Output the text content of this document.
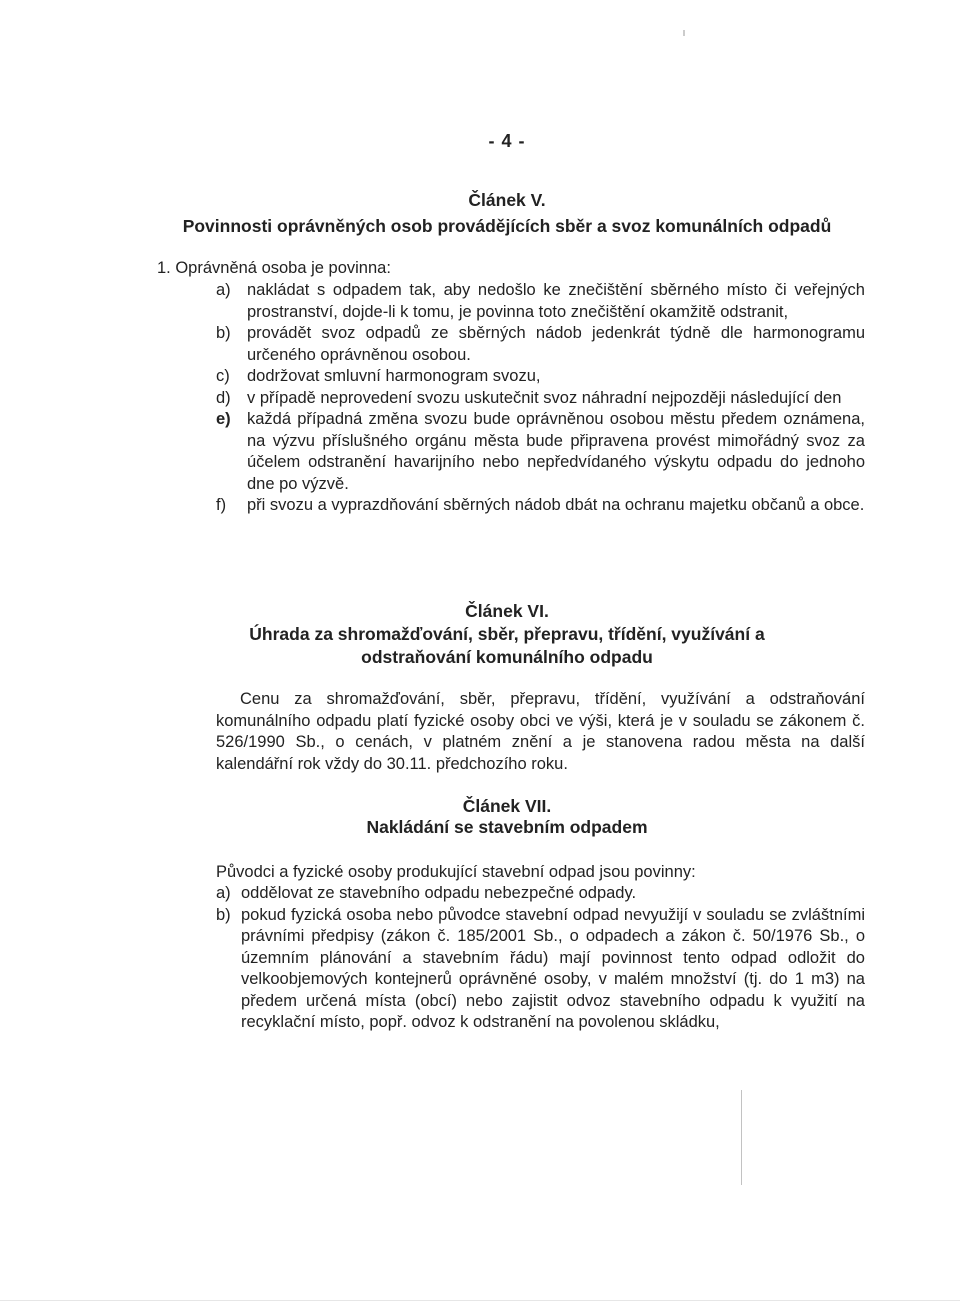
- 4 -
Článek V.
Povinnosti oprávněných osob provádějících sběr a svoz komunálních odpadů
1. Oprávněná osoba je povinna:
a) nakládat s odpadem tak, aby nedošlo ke znečištění sběrného místo či veřejných prostranství, dojde-li k tomu, je povinna toto znečištění okamžitě odstranit,
b) provádět svoz odpadů ze sběrných nádob jedenkrát týdně dle harmonogramu určeného oprávněnou osobou.
c) dodržovat smluvní harmonogram svozu,
d) v případě neprovedení svozu uskutečnit svoz náhradní nejpozději následující den
e) každá případná změna svozu bude oprávněnou osobou městu předem oznámena, na výzvu příslušného orgánu města bude připravena provést mimořádný svoz za účelem odstranění havarijního nebo nepředvídaného výskytu odpadu do jednoho dne po výzvě.
f) při svozu a vyprazdňování sběrných nádob dbát na ochranu majetku občanů a obce.
Článek VI.
Úhrada za shromažďování, sběr, přepravu, třídění, využívání a
odstraňování komunálního odpadu
Cenu za shromažďování, sběr, přepravu, třídění, využívání a odstraňování komunálního odpadu platí fyzické osoby obci ve výši, která je v souladu se zákonem č. 526/1990 Sb., o cenách, v platném znění a je stanovena radou města na další kalendářní rok vždy do 30.11. předchozího roku.
Článek VII.
Nakládání se stavebním odpadem
Původci a fyzické osoby produkující stavební odpad jsou povinny:
a) oddělovat ze stavebního odpadu nebezpečné odpady.
b) pokud fyzická osoba nebo původce stavební odpad nevyužijí v souladu se zvláštními právními předpisy (zákon č. 185/2001 Sb., o odpadech a zákon č. 50/1976 Sb., o územním plánování a stavebním řádu) mají povinnost tento odpad odložit do velkoobjemových kontejnerů oprávněné osoby, v malém množství (tj. do 1 m3) na předem určená místa (obcí) nebo zajistit odvoz stavebního odpadu k využití na recyklační místo, popř. odvoz k odstranění na povolenou skládku,
